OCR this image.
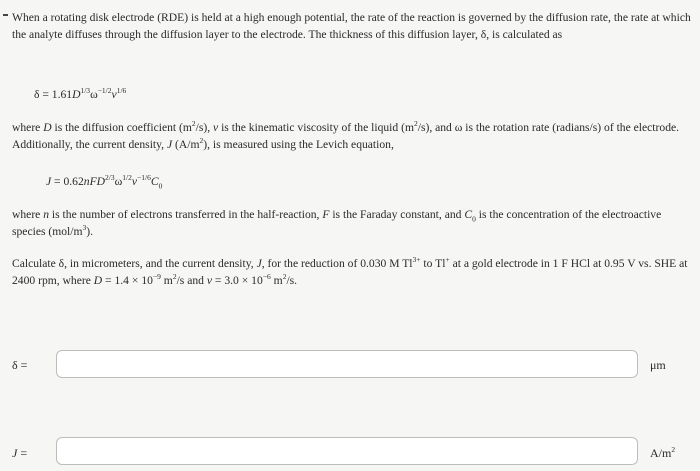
When a rotating disk electrode (RDE) is held at a high enough potential, the rate of the reaction is governed by the diffusion rate, the rate at which the analyte diffuses through the diffusion layer to the electrode. The thickness of this diffusion layer, δ, is calculated as
$\delta = 1.61D^{1/3}\omega^{-1/2}\nu^{1/6}$
where D is the diffusion coefficient $(m^2/s)$, ν is the kinematic viscosity of the liquid $(m^2/s)$, and ω is the rotation rate (radians/s) of the electrode. Additionally, the current density, J $(A/m^2)$, is measured using the Levich equation,
$J = 0.62nFD^{2/3}\omega^{1/2}\nu^{-1/6}C_0$
where n is the number of electrons transferred in the half-reaction, F is the Faraday constant, and $C_0$ is the concentration of the electroactive species $(mol/m^3)$.
Calculate δ, in micrometers, and the current density, J, for the reduction of 0.030 M $Tl^{3+}$ to Tl+ at a gold electrode in 1 F HCl at 0.95 V vs. SHE at 2400 rpm, where $D = 1.4 \times 10^{-9}$ $m^2/s$ and $\nu = 3.0 \times 10^{-6}$ $m^2/s$.
δ =	μm
J =	$A/m^2$
